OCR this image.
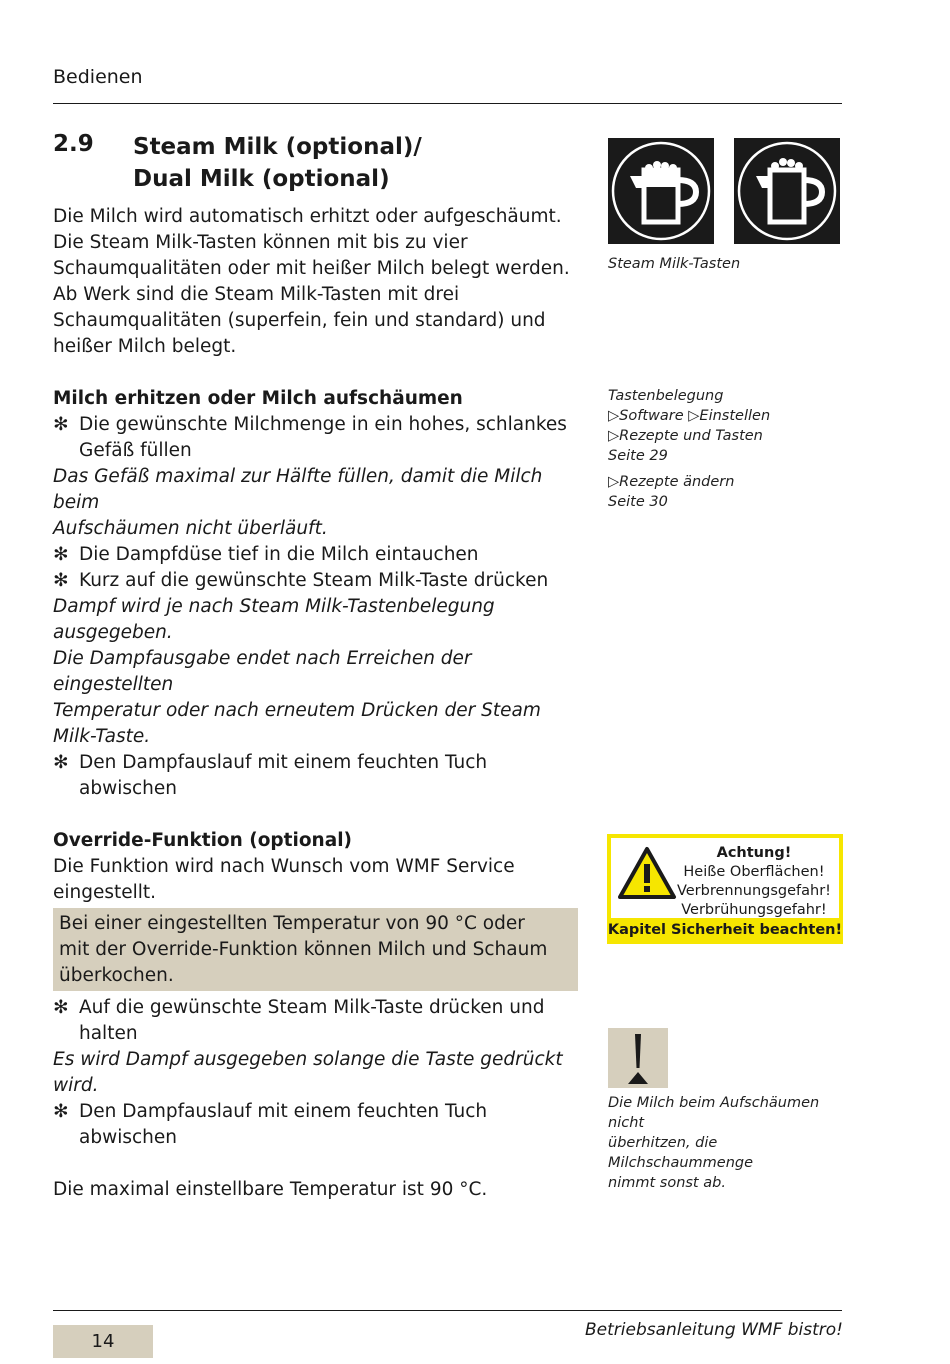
Bedienen
2.9 Steam Milk (optional)/
Dual Milk (optional)

Die Milch wird automatisch erhitzt oder aufgeschäumt.

Die Steam Milk-Tasten können mit bis zu vier

Schaumqualitäten oder mit heißer Milch belegt werden.

Ab Werk sind die Steam Milk-Tasten mit drei

Schaumqualitäten (superfein, fein und standard) und

heißer Milch belegt.

Milch erhitzen oder Milch aufschäumen

✻ Die gewünschte Milchmenge in ein hohes, schlankes
Gefäß füllen

Das Gefäß maximal zur Hälfte füllen, damit die Milch beim

Aufschäumen nicht überläuft.

✻ Die Dampfdüse tief in die Milch eintauchen
✻ Kurz auf die gewünschte Steam Milk-Taste drücken

Dampf wird je nach Steam Milk-Tastenbelegung

ausgegeben.

Die Dampfausgabe endet nach Erreichen der eingestellten

Temperatur oder nach erneutem Drücken der Steam

Milk-Taste.

✻ Den Dampfauslauf mit einem feuchten Tuch abwischen

Override-Funktion (optional)

Die Funktion wird nach Wunsch vom WMF Service

eingestellt.

Bei einer eingestellten Temperatur von 90 °C oder

mit der Override-Funktion können Milch und Schaum

überkochen.

✻ Auf die gewünschte Steam Milk-Taste drücken und
halten

Es wird Dampf ausgegeben solange die Taste gedrückt

wird.

✻ Den Dampfauslauf mit einem feuchten Tuch abwischen

Die maximal einstellbare Temperatur ist 90 °C.

Steam Milk-Tasten
Tastenbelegung
▷Software ▷Einstellen
▷Rezepte und Tasten
Seite 29
▷Rezepte ändern
Seite 30
Achtung!
Heiße Oberflächen!
Verbrennungsgefahr!
Verbrühungsgefahr!
Kapitel Sicherheit beachten!
Die Milch beim Aufschäumen nicht
überhitzen, die Milchschaummenge
nimmt sonst ab.
14
Betriebsanleitung WMF bistro!
